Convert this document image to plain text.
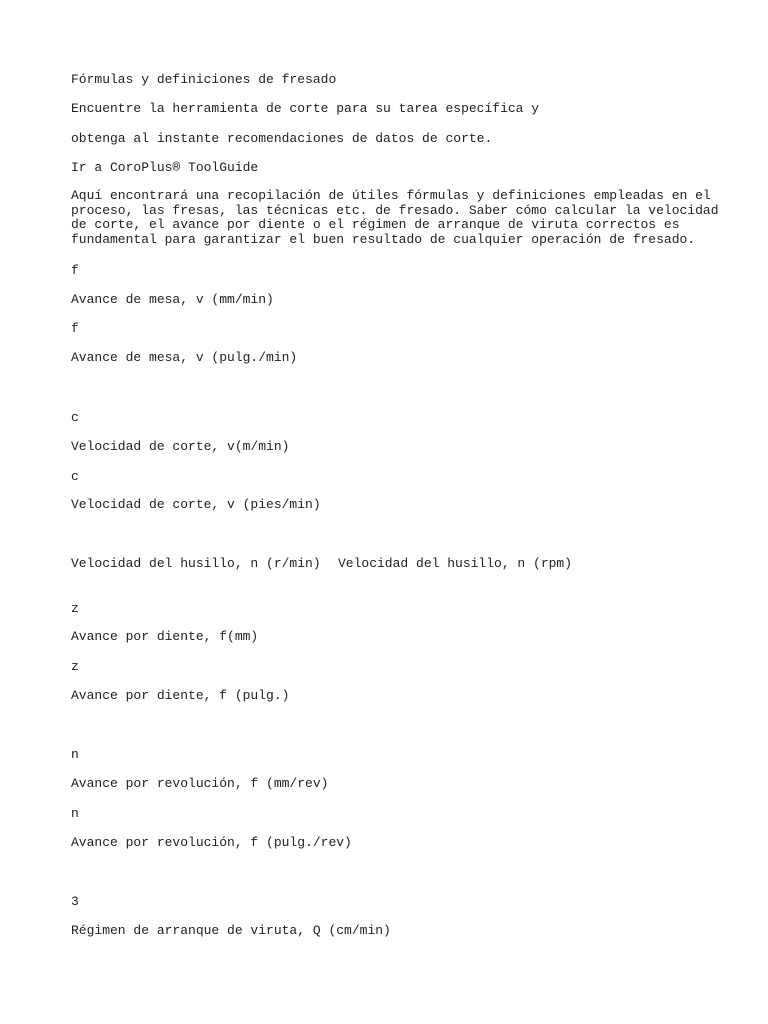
Fórmulas y definiciones de fresado

Encuentre la herramienta de corte para su tarea específica y

obtenga al instante recomendaciones de datos de corte.

Ir a CoroPlus® ToolGuide

Aquí encontrará una recopilación de útiles fórmulas y definiciones empleadas en el
proceso, las fresas, las técnicas etc. de fresado. Saber cómo calcular la velocidad
de corte, el avance por diente o el régimen de arranque de viruta correctos es
fundamental para garantizar el buen resultado de cualquier operación de fresado.

f

Avance de mesa, v (mm/min)

f

Avance de mesa, v (pulg./min)

c

Velocidad de corte, v(m/min)

c

Velocidad de corte, v (pies/min)

Velocidad del husillo, n (r/min) Velocidad del husillo, n (rpm)

z

Avance por diente, f(mm)

z

Avance por diente, f (pulg.)

n

Avance por revolución, f (mm/rev)

n

Avance por revolución, f (pulg./rev)

3

Régimen de arranque de viruta, Q (cm/min)
